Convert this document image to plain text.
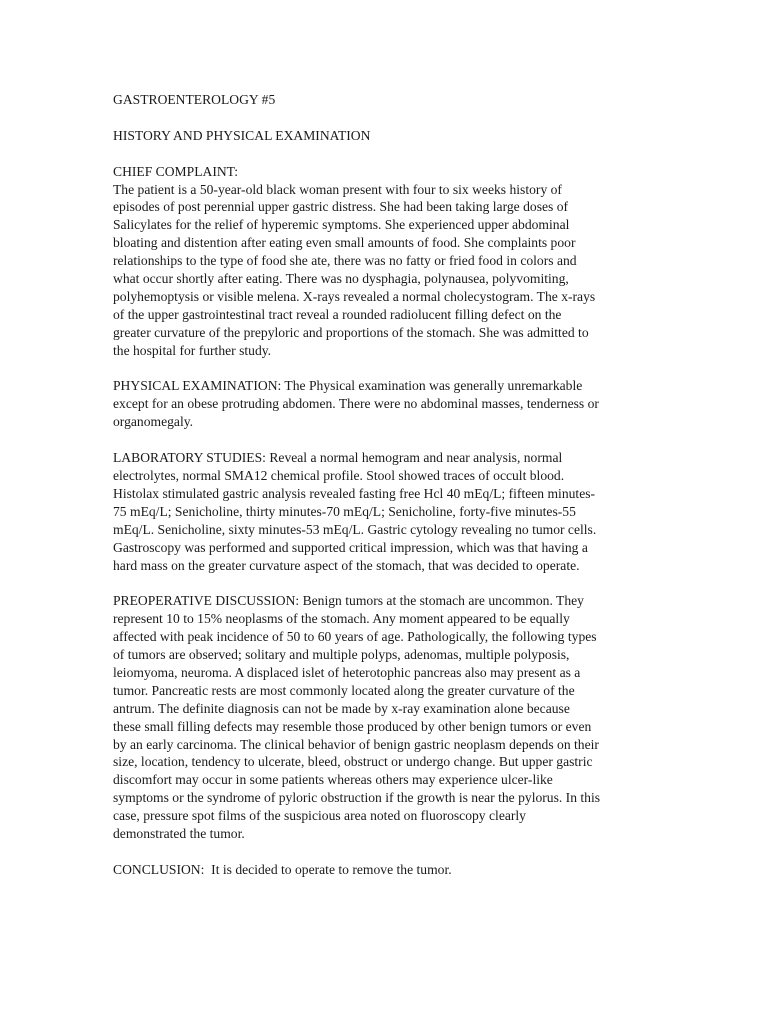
GASTROENTEROLOGY #5
HISTORY AND PHYSICAL EXAMINATION
CHIEF COMPLAINT:
The patient is a 50-year-old black woman present with four to six weeks history of
episodes of post perennial upper gastric distress. She had been taking large doses of
Salicylates for the relief of hyperemic symptoms. She experienced upper abdominal
bloating and distention after eating even small amounts of food. She complaints poor
relationships to the type of food she ate, there was no fatty or fried food in colors and
what occur shortly after eating. There was no dysphagia, polynausea, polyvomiting,
polyhemoptysis or visible melena. X-rays revealed a normal cholecystogram. The x-rays
of the upper gastrointestinal tract reveal a rounded radiolucent filling defect on the
greater curvature of the prepyloric and proportions of the stomach. She was admitted to
the hospital for further study.
PHYSICAL EXAMINATION: The Physical examination was generally unremarkable
except for an obese protruding abdomen. There were no abdominal masses, tenderness or
organomegaly.
LABORATORY STUDIES: Reveal a normal hemogram and near analysis, normal
electrolytes, normal SMA12 chemical profile. Stool showed traces of occult blood.
Histolax stimulated gastric analysis revealed fasting free Hcl 40 mEq/L; fifteen minutes-
75 mEq/L; Senicholine, thirty minutes-70 mEq/L; Senicholine, forty-five minutes-55
mEq/L. Senicholine, sixty minutes-53 mEq/L. Gastric cytology revealing no tumor cells.
Gastroscopy was performed and supported critical impression, which was that having a
hard mass on the greater curvature aspect of the stomach, that was decided to operate.
PREOPERATIVE DISCUSSION: Benign tumors at the stomach are uncommon. They
represent 10 to 15% neoplasms of the stomach. Any moment appeared to be equally
affected with peak incidence of 50 to 60 years of age. Pathologically, the following types
of tumors are observed; solitary and multiple polyps, adenomas, multiple polyposis,
leiomyoma, neuroma. A displaced islet of heterotophic pancreas also may present as a
tumor. Pancreatic rests are most commonly located along the greater curvature of the
antrum. The definite diagnosis can not be made by x-ray examination alone because
these small filling defects may resemble those produced by other benign tumors or even
by an early carcinoma. The clinical behavior of benign gastric neoplasm depends on their
size, location, tendency to ulcerate, bleed, obstruct or undergo change. But upper gastric
discomfort may occur in some patients whereas others may experience ulcer-like
symptoms or the syndrome of pyloric obstruction if the growth is near the pylorus. In this
case, pressure spot films of the suspicious area noted on fluoroscopy clearly
demonstrated the tumor.
CONCLUSION:  It is decided to operate to remove the tumor.
